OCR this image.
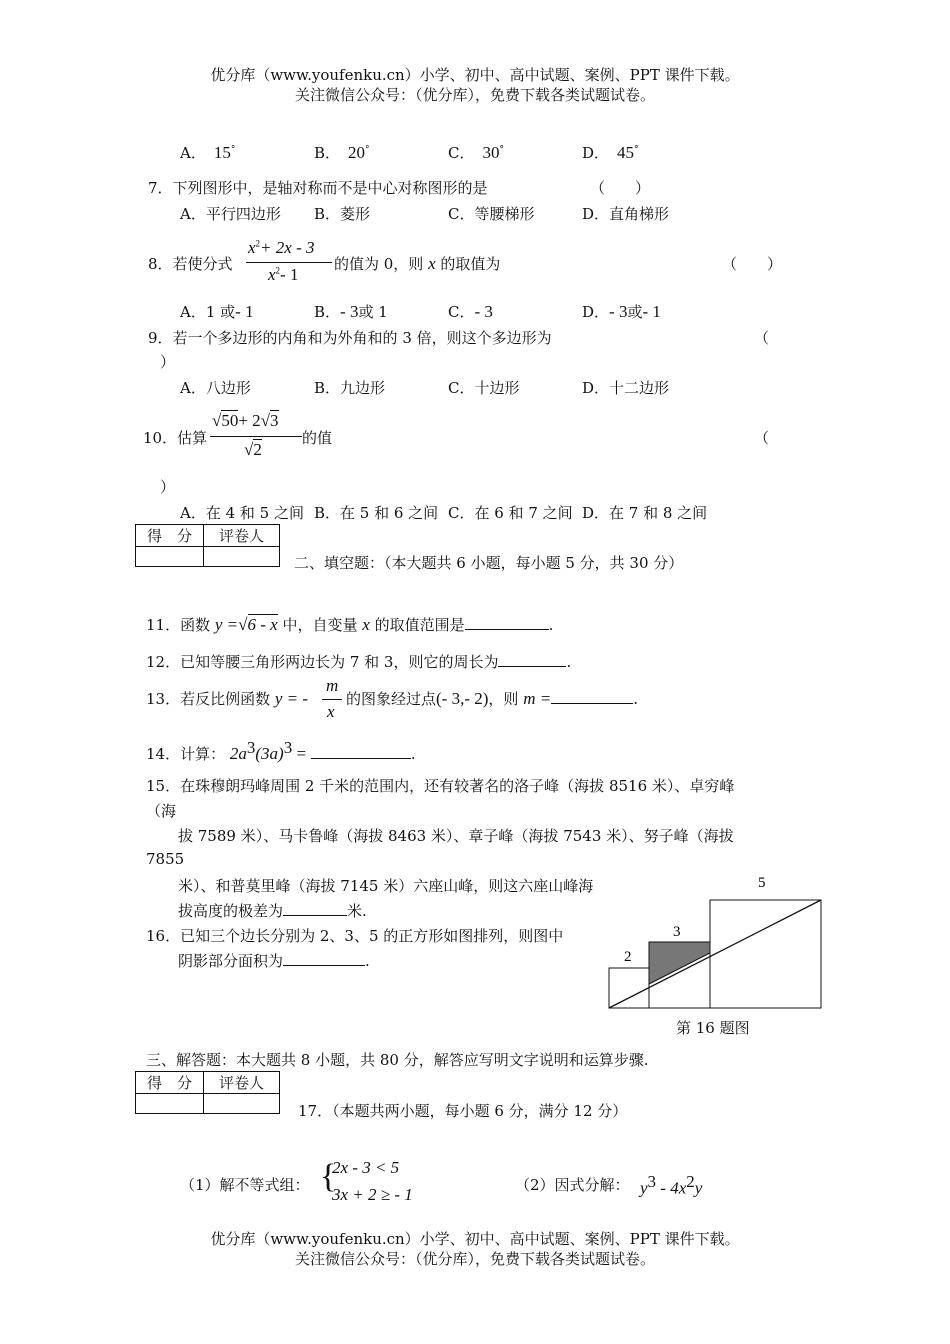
优分库（www.youfenku.cn）小学、初中、高中试题、案例、PPT 课件下载。
关注微信公众号：（优分库），免费下载各类试题试卷。
A． 15°	B． 20°	C． 30°	D． 45°
7．下列图形中，是轴对称而不是中心对称图形的是	（　　）
A．平行四边形 B．菱形	C．等腰梯形	D．直角梯形
8．若使分式
$x^2+ 2x - 3$
$x^2-$ 1
的值为 0，则 x 的取值为	（　　）
A．1 或- 1	B．- 3或 1	C．- 3	D．- 3或- 1
9．若一个多边形的内角和为外角和的 3 倍，则这个多边形为	（
）
A．八边形	B．九边形	C．十边形	D．十二边形
10．估算
√50+ 2√3
√2
的值	（
）
A．在 4 和 5 之间 B．在 5 和 6 之间 C．在 6 和 7 之间 D．在 7 和 8 之间
得　分	评卷人

二、填空题：（本大题共 6 小题，每小题 5 分，共 30 分）
11．函数 y =√6 - x 中，自变量 x 的取值范围是	.
12．已知等腰三角形两边长为 7 和 3，则它的周长为	.
13．若反比例函数 y = -
m
x
的图象经过点(- 3,- 2)，则 m =	.
14．计算： $2a^3(3a)^3$ =	.
15．在珠穆朗玛峰周围 2 千米的范围内，还有较著名的洛子峰（海拔 8516 米）、卓穷峰
（海
拔 7589 米）、马卡鲁峰（海拔 8463 米）、章子峰（海拔 7543 米）、努子峰（海拔
7855
米）、和普莫里峰（海拔 7145 米）六座山峰，则这六座山峰海
拔高度的极差为	米.
16．已知三个边长分别为 2、3、5 的正方形如图排列，则图中
阴影部分面积为	.	2
3
5
第 16 题图
三、解答题：本大题共 8 小题，共 80 分，解答应写明文字说明和运算步骤.
得　分	评卷人

17．（本题共两小题，每小题 6 分，满分 12 分）
（1）解不等式组： {
2x - 3 < 5
3x + 2 ≥ - 1	（2）因式分解： $y^3 - 4x^2y$
优分库（www.youfenku.cn）小学、初中、高中试题、案例、PPT 课件下载。
关注微信公众号：（优分库），免费下载各类试题试卷。
